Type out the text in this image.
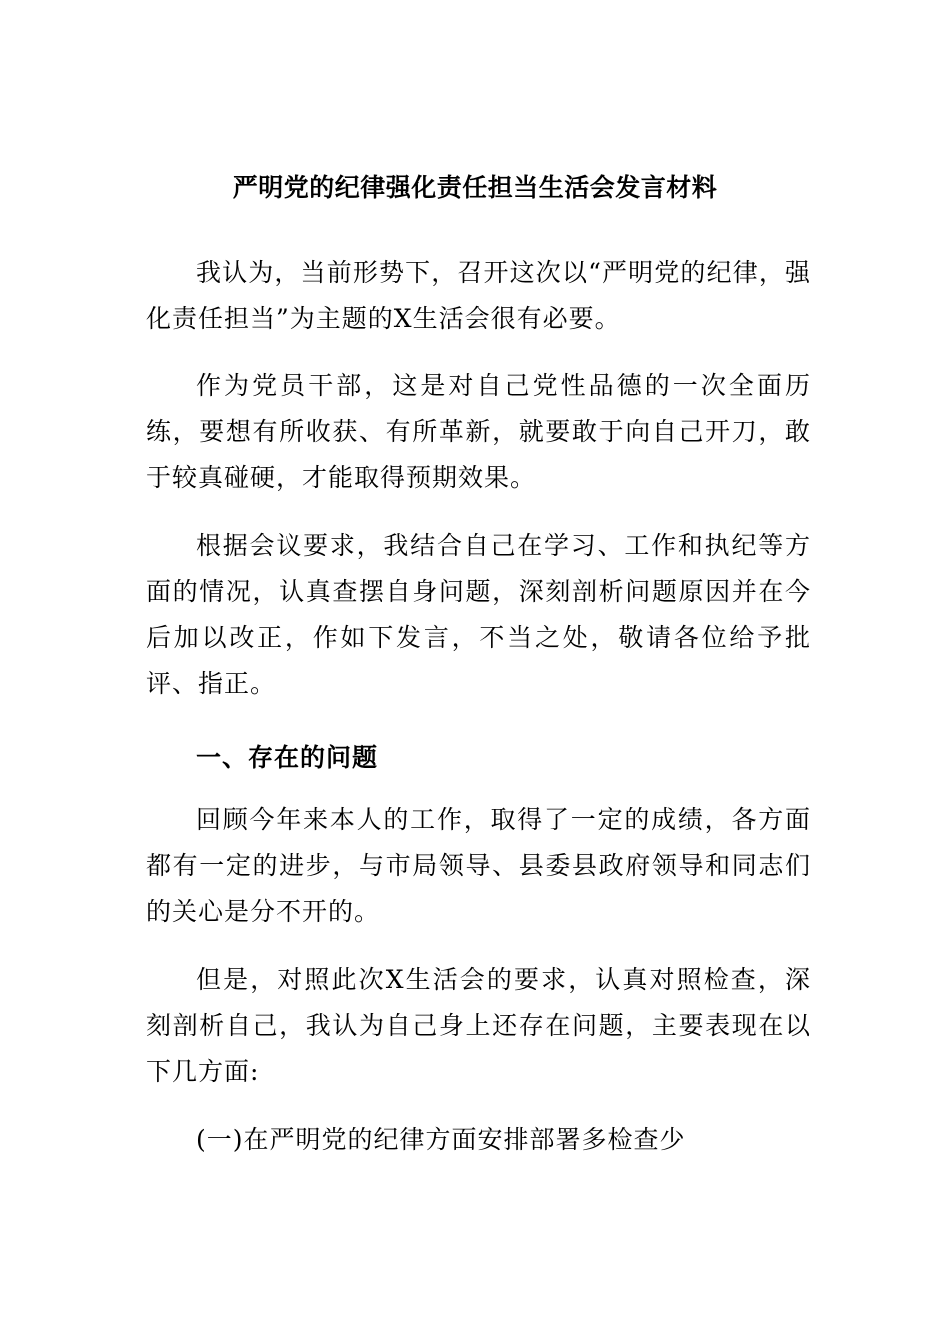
严明党的纪律强化责任担当生活会发言材料

我认为，当前形势下，召开这次以“严明党的纪律，强化责任担当”为主题的X生活会很有必要。

作为党员干部，这是对自己党性品德的一次全面历练，要想有所收获、有所革新，就要敢于向自己开刀，敢于较真碰硬，才能取得预期效果。

根据会议要求，我结合自己在学习、工作和执纪等方面的情况，认真查摆自身问题，深刻剖析问题原因并在今后加以改正，作如下发言，不当之处，敬请各位给予批评、指正。

一、存在的问题

回顾今年来本人的工作，取得了一定的成绩，各方面都有一定的进步，与市局领导、县委县政府领导和同志们的关心是分不开的。

但是，对照此次X生活会的要求，认真对照检查，深刻剖析自己，我认为自己身上还存在问题，主要表现在以下几方面:

(一)在严明党的纪律方面安排部署多检查少
